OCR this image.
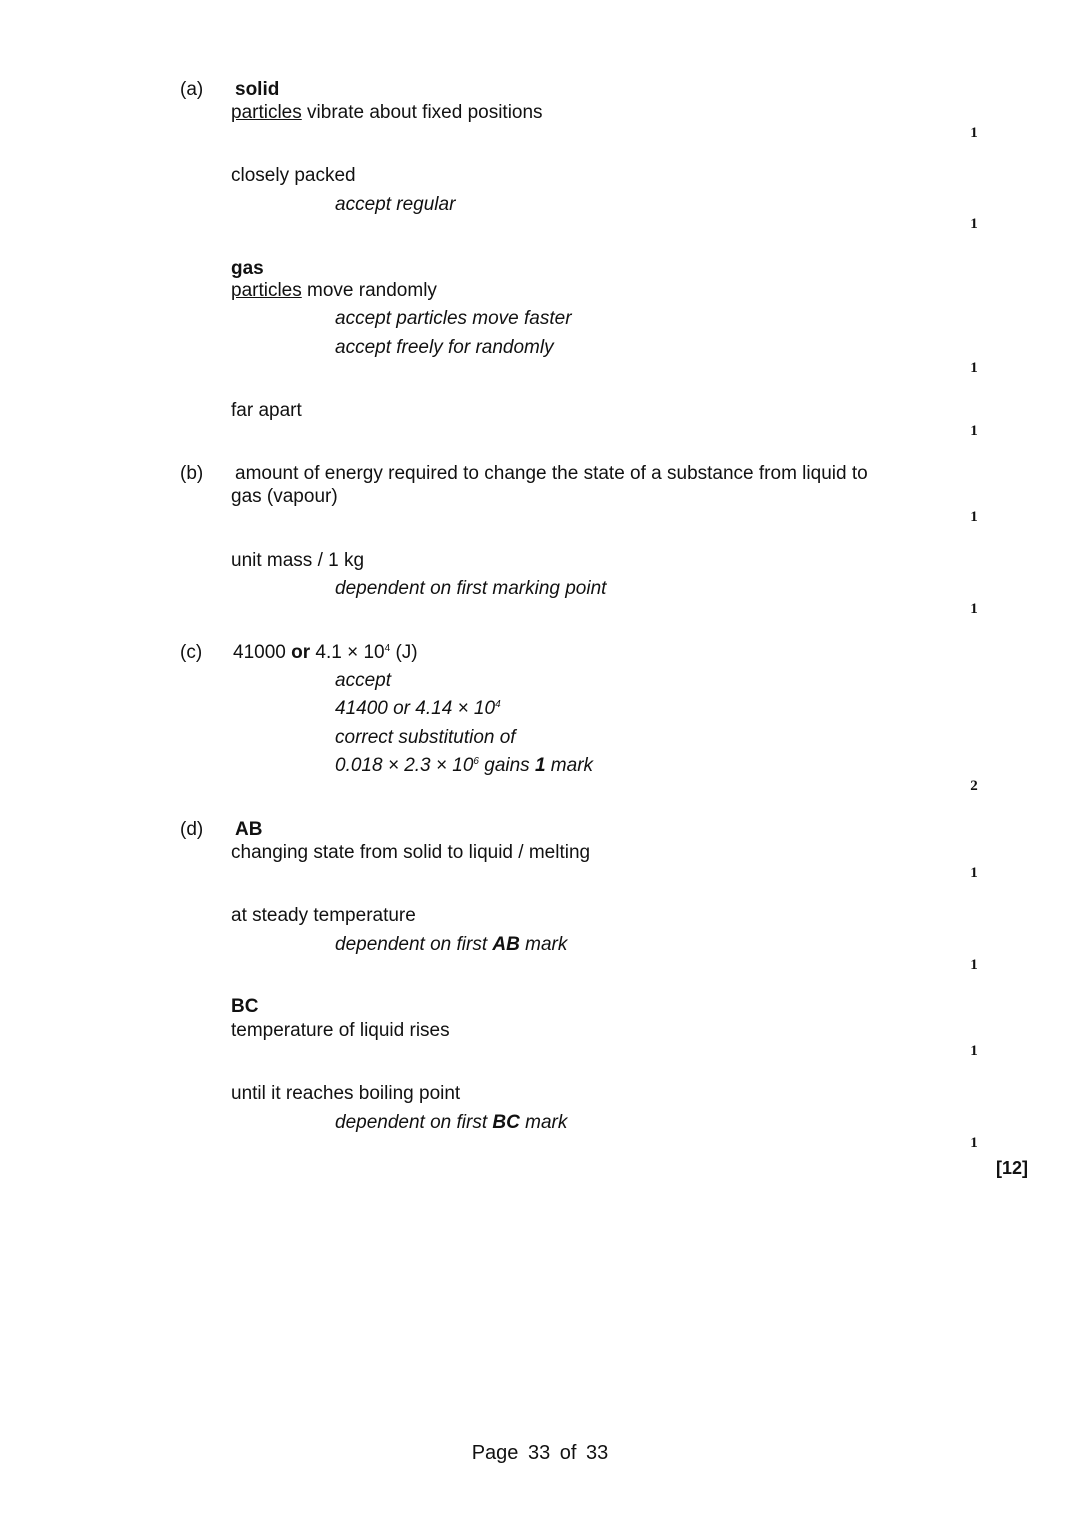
(a) solid
particles vibrate about fixed positions
1
closely packed
accept regular
1
gas
particles move randomly
accept particles move faster
accept freely for randomly
1
far apart
1
(b) amount of energy required to change the state of a substance from liquid to
gas (vapour)
1
unit mass / 1 kg
dependent on first marking point
1
(c) 41000 or $4.1 \times 10^4$ (J)
accept
41400 or $4.14 \times 10^4$
correct substitution of
$0.018 \times 2.3 \times 10^6$ gains 1 mark
2
(d) AB
changing state from solid to liquid / melting
1
at steady temperature
dependent on first AB mark
1
BC
temperature of liquid rises
1
until it reaches boiling point
dependent on first BC mark
1
[12]
Page 33 of 33
